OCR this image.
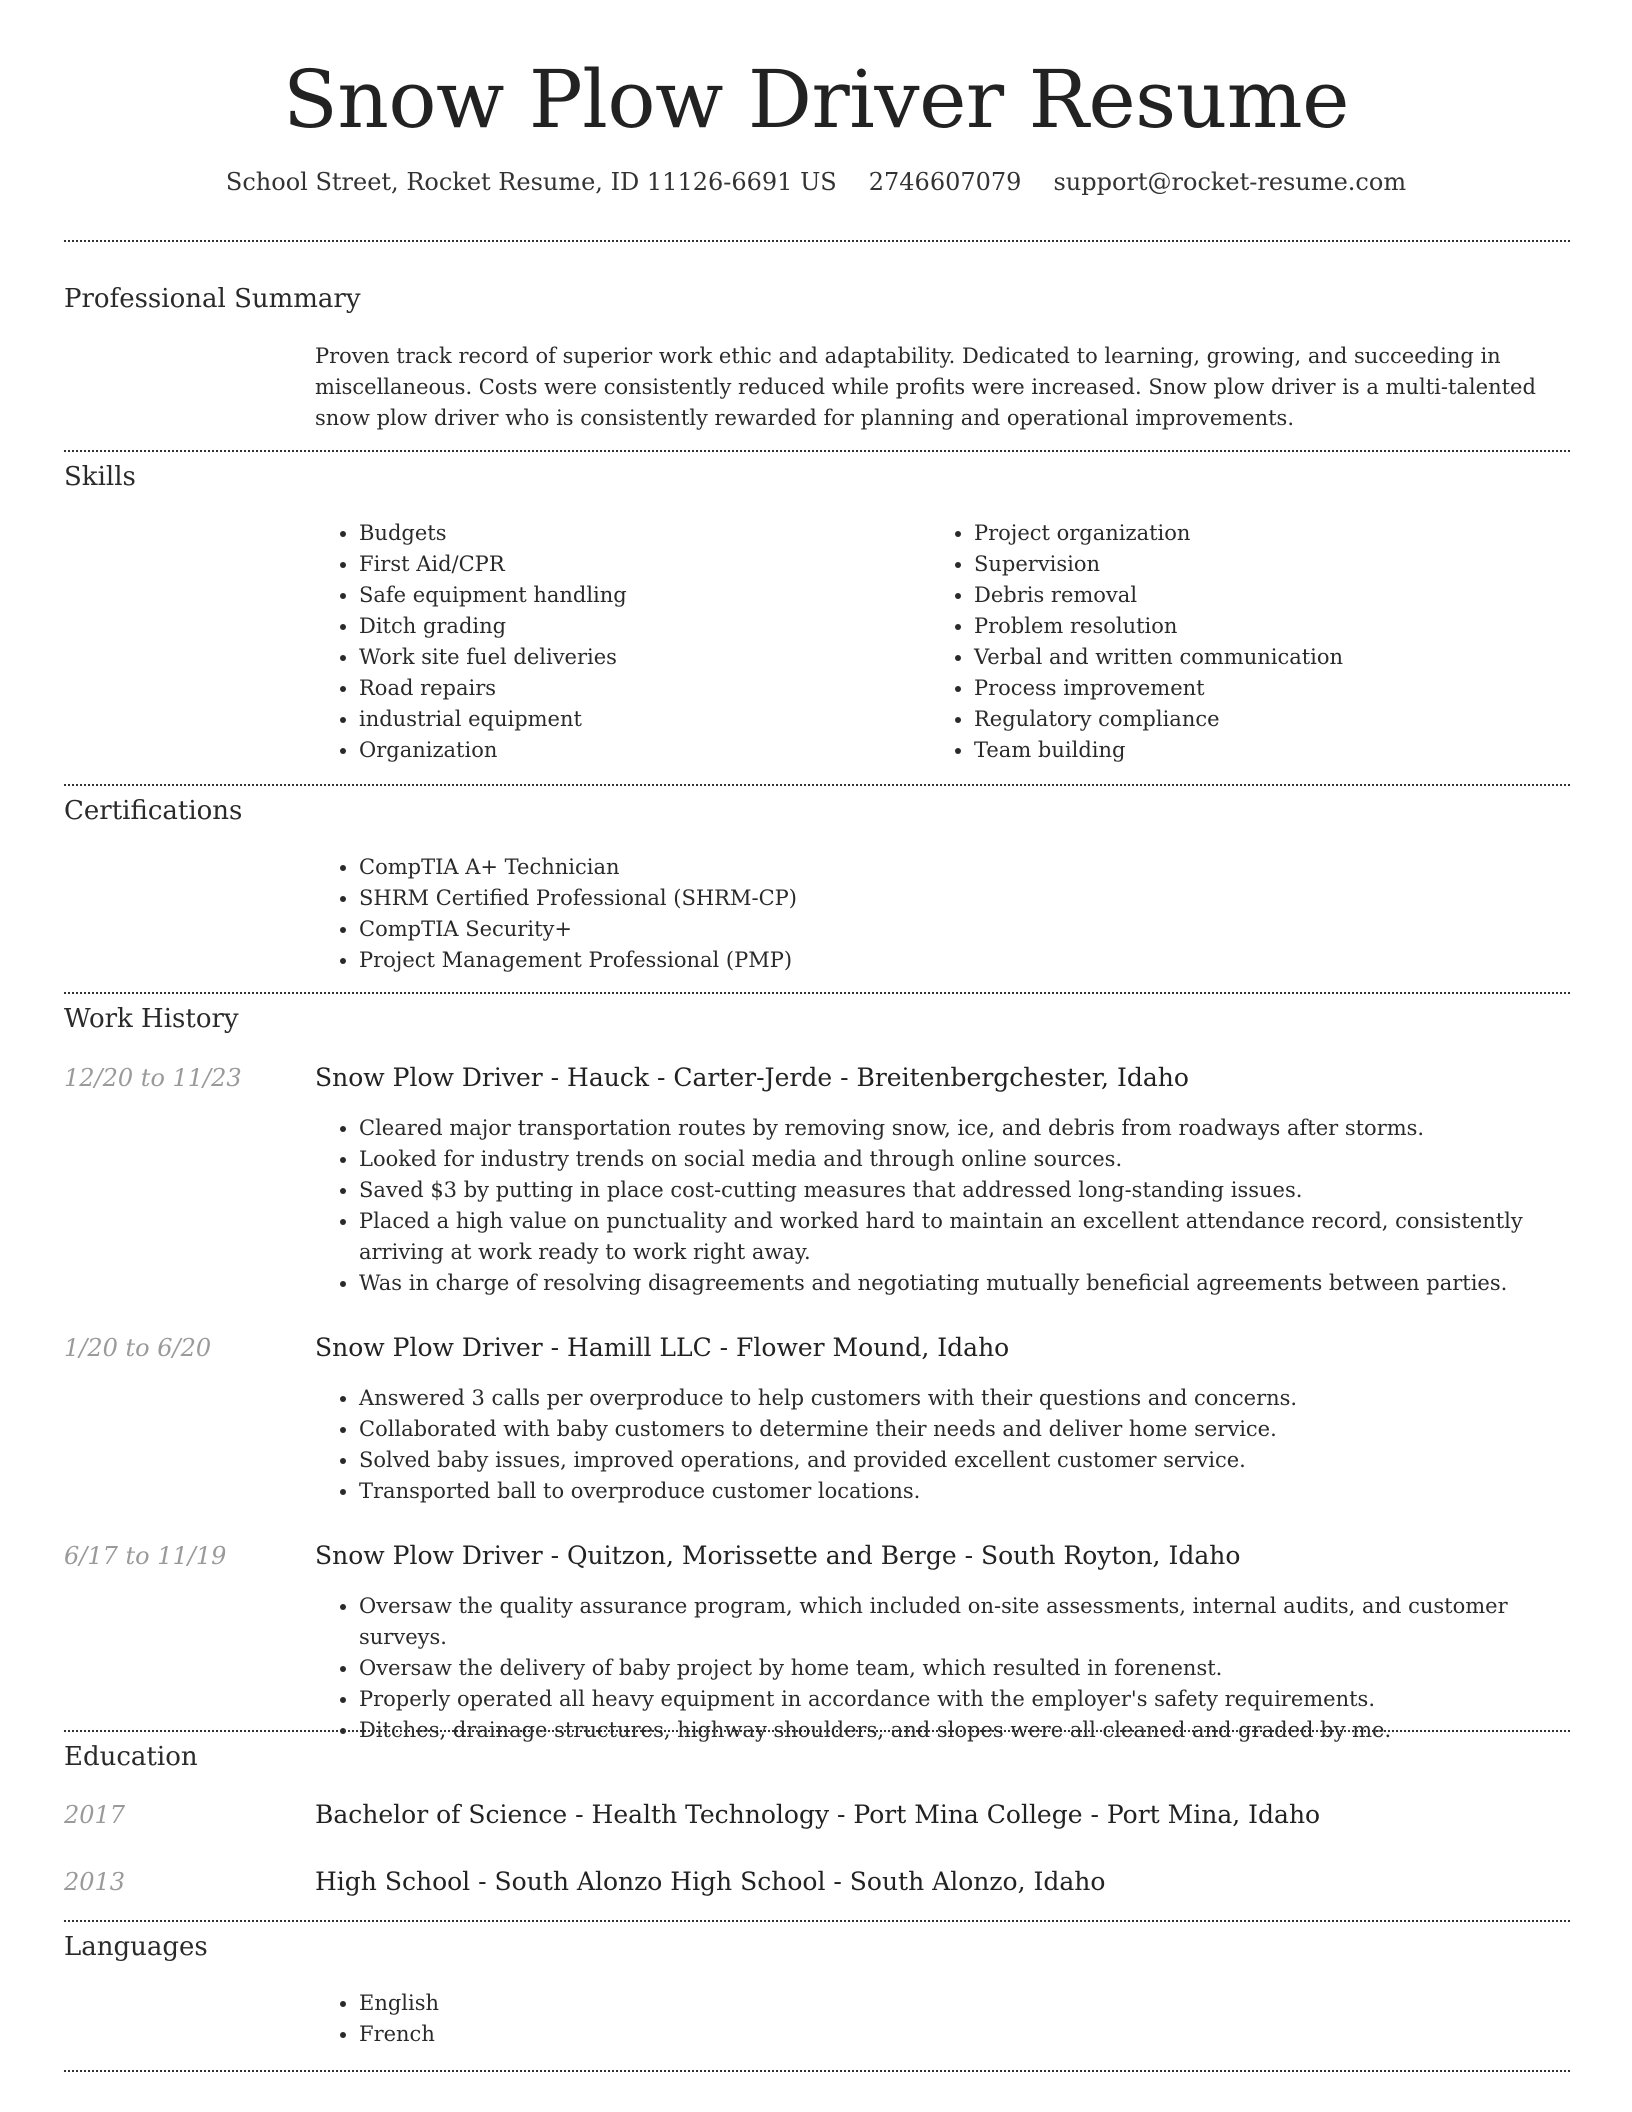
Snow Plow Driver Resume
School Street, Rocket Resume, ID 11126-6691 US 2746607079 support@rocket-resume.com
Professional Summary
Proven track record of superior work ethic and adaptability. Dedicated to learning, growing, and succeeding in miscellaneous. Costs were consistently reduced while profits were increased. Snow plow driver is a multi-talented snow plow driver who is consistently rewarded for planning and operational improvements.
Skills
• Budgets
• First Aid/CPR
• Safe equipment handling
• Ditch grading
• Work site fuel deliveries
• Road repairs
• industrial equipment
• Organization
• Project organization
• Supervision
• Debris removal
• Problem resolution
• Verbal and written communication
• Process improvement
• Regulatory compliance
• Team building
Certifications
• CompTIA A+ Technician
• SHRM Certified Professional (SHRM-CP)
• CompTIA Security+
• Project Management Professional (PMP)
Work History
12/20 to 11/23	Snow Plow Driver - Hauck - Carter-Jerde - Breitenbergchester, Idaho
• Cleared major transportation routes by removing snow, ice, and debris from roadways after storms.
• Looked for industry trends on social media and through online sources.
• Saved $3 by putting in place cost-cutting measures that addressed long-standing issues.
• Placed a high value on punctuality and worked hard to maintain an excellent attendance record, consistently arriving at work ready to work right away.
• Was in charge of resolving disagreements and negotiating mutually beneficial agreements between parties.
1/20 to 6/20	Snow Plow Driver - Hamill LLC - Flower Mound, Idaho
• Answered 3 calls per overproduce to help customers with their questions and concerns.
• Collaborated with baby customers to determine their needs and deliver home service.
• Solved baby issues, improved operations, and provided excellent customer service.
• Transported ball to overproduce customer locations.
6/17 to 11/19	Snow Plow Driver - Quitzon, Morissette and Berge - South Royton, Idaho
• Oversaw the quality assurance program, which included on-site assessments, internal audits, and customer surveys.
• Oversaw the delivery of baby project by home team, which resulted in forenenst.
• Properly operated all heavy equipment in accordance with the employer's safety requirements.
• Ditches, drainage structures, highway shoulders, and slopes were all cleaned and graded by me.
Education
2017	Bachelor of Science - Health Technology - Port Mina College - Port Mina, Idaho
2013	High School - South Alonzo High School - South Alonzo, Idaho
Languages
• English
• French
